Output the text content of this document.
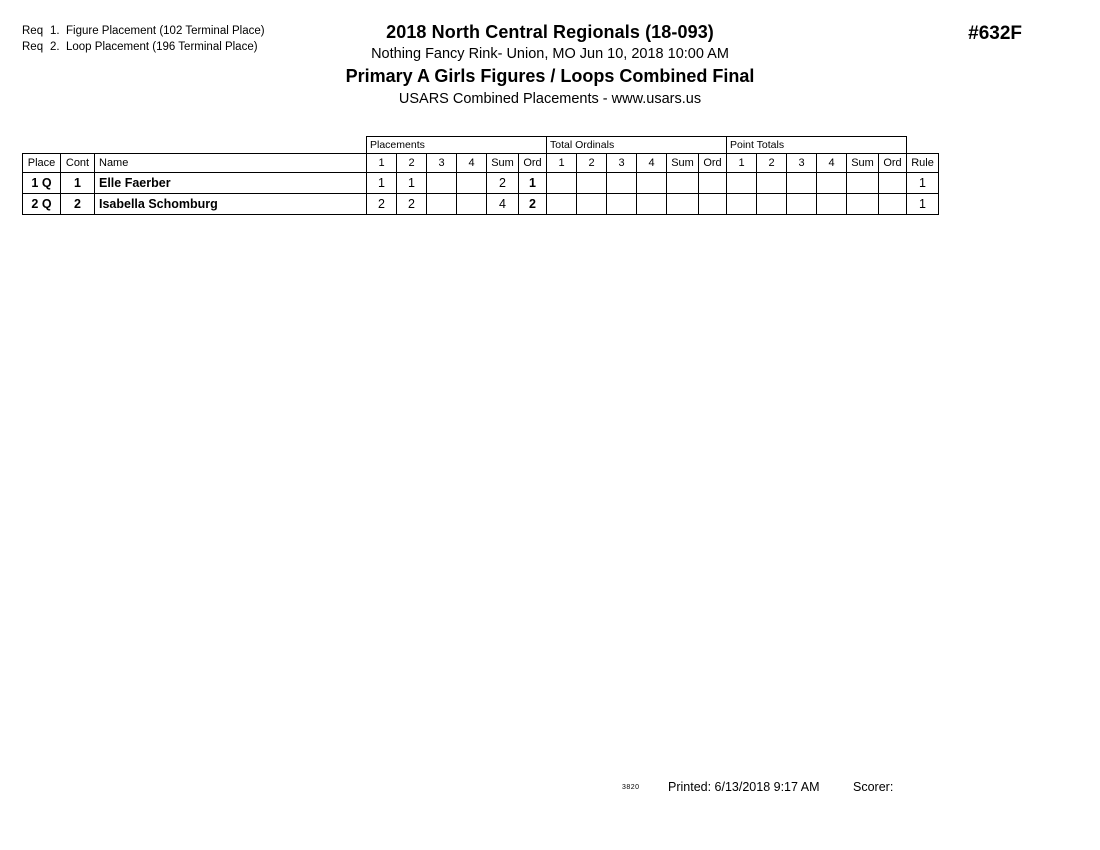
Req 1. Figure Placement (102 Terminal Place)
Req 2. Loop Placement (196 Terminal Place)
2018 North Central Regionals (18-093)
Nothing Fancy Rink- Union, MO Jun 10, 2018 10:00 AM
Primary A Girls Figures / Loops Combined Final
USARS Combined Placements - www.usars.us
#632F
			Placements						Total Ordinals						Point Totals						
Place	Cont	Name	1	2	3	4	Sum	Ord	1	2	3	4	Sum	Ord	1	2	3	4	Sum	Ord	Rule
1 Q	1	Elle Faerber	1	1			2	1													1
2 Q	2	Isabella Schomburg	2	2			4	2													1
3820 Printed: 6/13/2018 9:17 AM	Scorer:
